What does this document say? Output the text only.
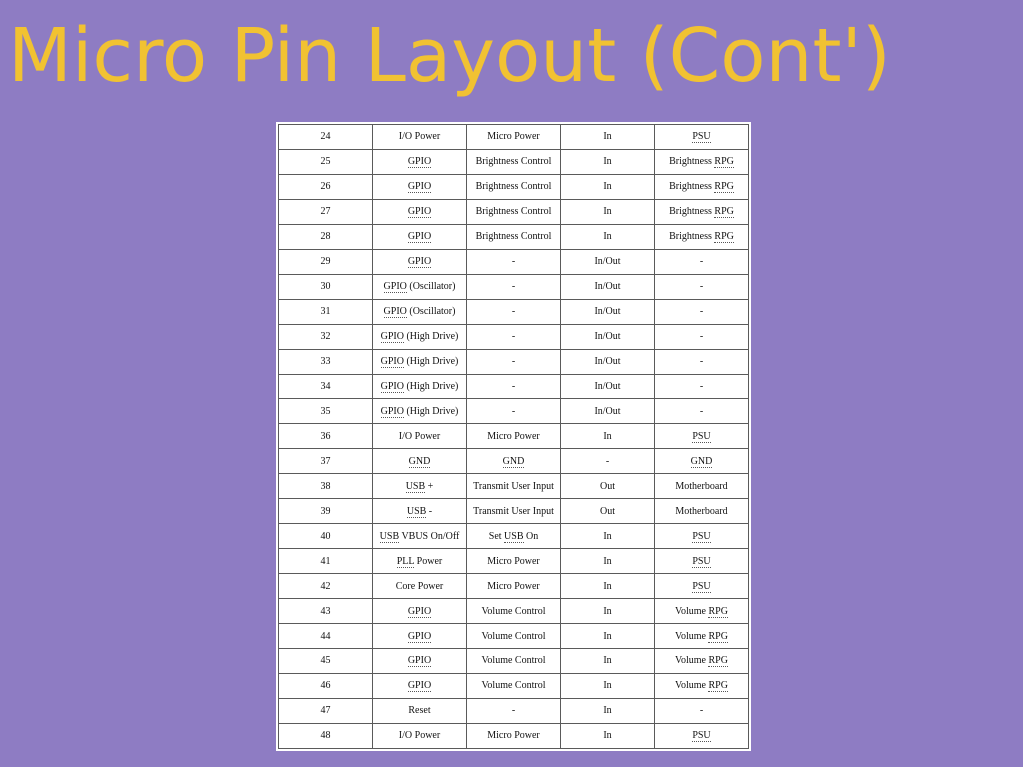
Micro Pin Layout (Cont')
24	I/O Power	Micro Power	In	PSU
25	GPIO	Brightness Control	In	Brightness RPG
26	GPIO	Brightness Control	In	Brightness RPG
27	GPIO	Brightness Control	In	Brightness RPG
28	GPIO	Brightness Control	In	Brightness RPG
29	GPIO	-	In/Out	-
30	GPIO (Oscillator)	-	In/Out	-
31	GPIO (Oscillator)	-	In/Out	-
32	GPIO (High Drive)	-	In/Out	-
33	GPIO (High Drive)	-	In/Out	-
34	GPIO (High Drive)	-	In/Out	-
35	GPIO (High Drive)	-	In/Out	-
36	I/O Power	Micro Power	In	PSU
37	GND	GND	-	GND
38	USB +	Transmit User Input	Out	Motherboard
39	USB -	Transmit User Input	Out	Motherboard
40	USB VBUS On/Off	Set USB On	In	PSU
41	PLL Power	Micro Power	In	PSU
42	Core Power	Micro Power	In	PSU
43	GPIO	Volume Control	In	Volume RPG
44	GPIO	Volume Control	In	Volume RPG
45	GPIO	Volume Control	In	Volume RPG
46	GPIO	Volume Control	In	Volume RPG
47	Reset	-	In	-
48	I/O Power	Micro Power	In	PSU
